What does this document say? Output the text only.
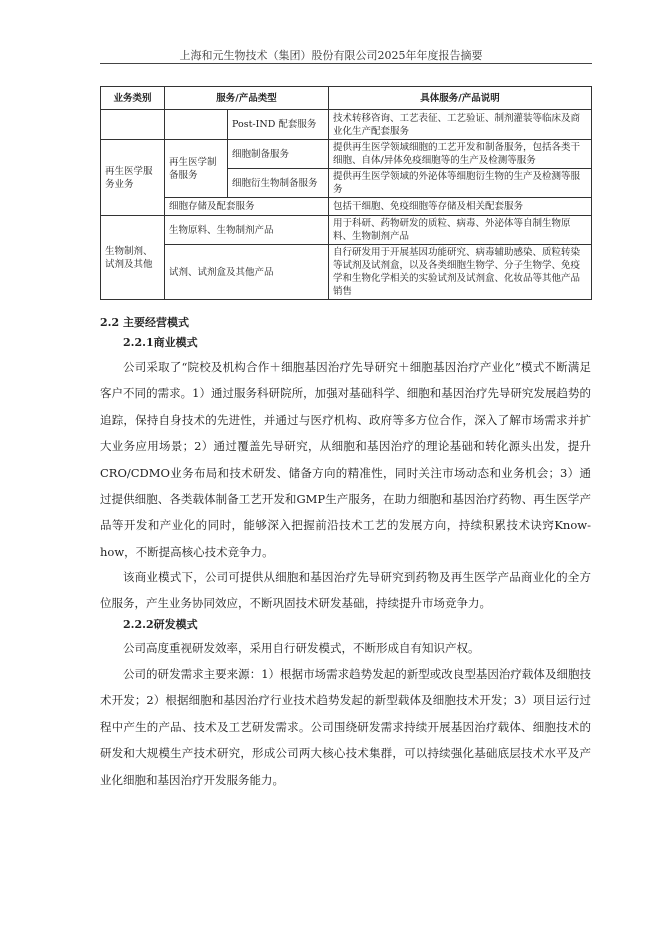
上海和元生物技术（集团）股份有限公司2025年年度报告摘要
业务类别	服务/产品类型		具体服务/产品说明
		Post-IND 配套服务	技术转移咨询、工艺表征、工艺验证、制剂灌装等临床及商业化生产配套服务
再生医学服务业务	再生医学制备服务	细胞制备服务	提供再生医学领域细胞的工艺开发和制备服务，包括各类干细胞、自体/异体免疫细胞等的生产及检测等服务
		细胞衍生物制备服务	提供再生医学领域的外泌体等细胞衍生物的生产及检测等服务
	细胞存储及配套服务		包括干细胞、免疫细胞等存储及相关配套服务
生物制剂、试剂及其他	生物原料、生物制剂产品		用于科研、药物研发的质粒、病毒、外泌体等自制生物原料、生物制剂产品
	试剂、试剂盒及其他产品		自行研发用于开展基因功能研究、病毒辅助感染、质粒转染等试剂及试剂盒，以及各类细胞生物学、分子生物学、免疫学和生物化学相关的实验试剂及试剂盒、化妆品等其他产品销售
2.2 主要经营模式
2.2.1商业模式

公司采取了“院校及机构合作＋细胞基因治疗先导研究＋细胞基因治疗产业化”模式不断满足客户不同的需求。1）通过服务科研院所，加强对基础科学、细胞和基因治疗先导研究发展趋势的追踪，保持自身技术的先进性，并通过与医疗机构、政府等多方位合作，深入了解市场需求并扩大业务应用场景；2）通过覆盖先导研究，从细胞和基因治疗的理论基础和转化源头出发，提升CRO/CDMO业务布局和技术研发、储备方向的精准性，同时关注市场动态和业务机会；3）通过提供细胞、各类载体制备工艺开发和GMP生产服务，在助力细胞和基因治疗药物、再生医学产品等开发和产业化的同时，能够深入把握前沿技术工艺的发展方向，持续积累技术诀窍Know-how，不断提高核心技术竞争力。

该商业模式下，公司可提供从细胞和基因治疗先导研究到药物及再生医学产品商业化的全方位服务，产生业务协同效应，不断巩固技术研发基础，持续提升市场竞争力。

2.2.2研发模式

公司高度重视研发效率，采用自行研发模式，不断形成自有知识产权。

公司的研发需求主要来源：1）根据市场需求趋势发起的新型或改良型基因治疗载体及细胞技术开发；2）根据细胞和基因治疗行业技术趋势发起的新型载体及细胞技术开发；3）项目运行过程中产生的产品、技术及工艺研发需求。公司围绕研发需求持续开展基因治疗载体、细胞技术的研发和大规模生产技术研究，形成公司两大核心技术集群，可以持续强化基础底层技术水平及产业化细胞和基因治疗开发服务能力。
